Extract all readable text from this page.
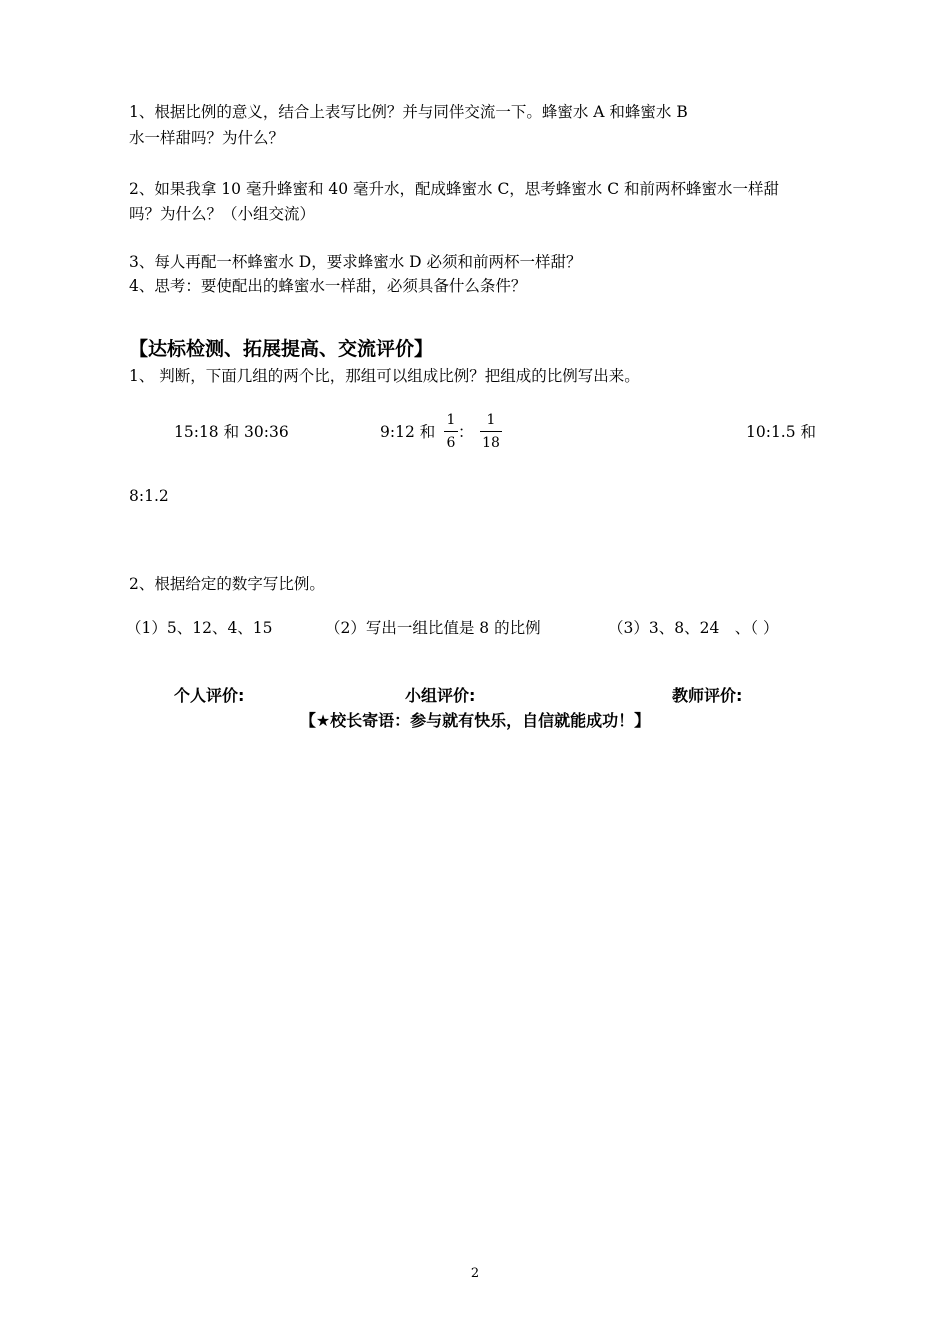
1、根据比例的意义，结合上表写比例？并与同伴交流一下。蜂蜜水 A 和蜂蜜水 B
水一样甜吗？为什么？
2、如果我拿 10 毫升蜂蜜和 40 毫升水，配成蜂蜜水 C，思考蜂蜜水 C 和前两杯蜂蜜水一样甜
吗？为什么？（小组交流）
3、每人再配一杯蜂蜜水 D，要求蜂蜜水 D 必须和前两杯一样甜？
4、思考：要使配出的蜂蜜水一样甜，必须具备什么条件？
【达标检测、拓展提高、交流评价】
1、 判断，下面几组的两个比，那组可以组成比例？把组成的比例写出来。
15:18 和 30:36	9:12 和
1
6
：
1
18
10:1.5 和
8:1.2
2、根据给定的数字写比例。
（1）5、12、4、15	（2）写出一组比值是 8 的比例	（3）3、8、24　、（ ）
个人评价:	小组评价:	教师评价:
【★校长寄语：参与就有快乐，自信就能成功！】
2
